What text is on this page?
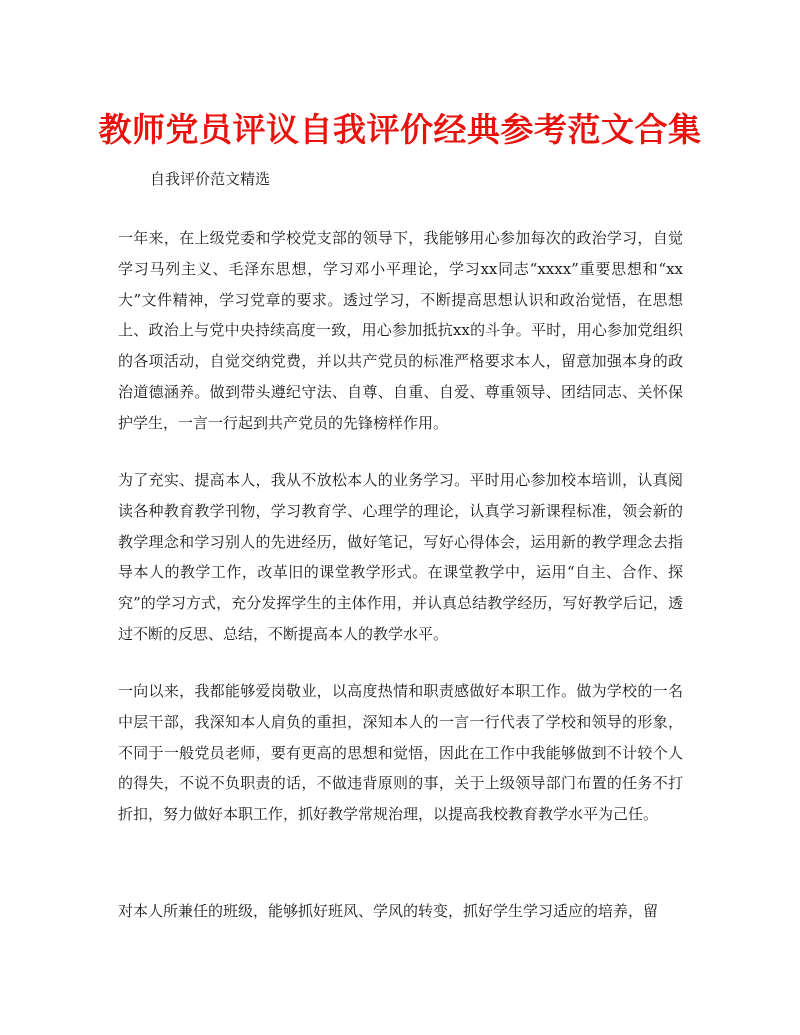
教师党员评议自我评价经典参考范文合集

自我评价范文精选

一年来，在上级党委和学校党支部的领导下，我能够用心参加每次的政治学习，自觉学习马列主义、毛泽东思想，学习邓小平理论，学习xx同志“xxxx”重要思想和“xx大”文件精神，学习党章的要求。透过学习，不断提高思想认识和政治觉悟，在思想上、政治上与党中央持续高度一致，用心参加抵抗xx的斗争。平时，用心参加党组织的各项活动，自觉交纳党费，并以共产党员的标准严格要求本人，留意加强本身的政治道德涵养。做到带头遵纪守法、自尊、自重、自爱、尊重领导、团结同志、关怀保护学生，一言一行起到共产党员的先锋榜样作用。

为了充实、提高本人，我从不放松本人的业务学习。平时用心参加校本培训，认真阅读各种教育教学刊物，学习教育学、心理学的理论，认真学习新课程标准，领会新的教学理念和学习别人的先进经历，做好笔记，写好心得体会，运用新的教学理念去指导本人的教学工作，改革旧的课堂教学形式。在课堂教学中，运用“自主、合作、探究”的学习方式，充分发挥学生的主体作用，并认真总结教学经历，写好教学后记，透过不断的反思、总结，不断提高本人的教学水平。

一向以来，我都能够爱岗敬业，以高度热情和职责感做好本职工作。做为学校的一名中层干部，我深知本人肩负的重担，深知本人的一言一行代表了学校和领导的形象，不同于一般党员老师，要有更高的思想和觉悟，因此在工作中我能够做到不计较个人的得失，不说不负职责的话，不做违背原则的事，关于上级领导部门布置的任务不打折扣，努力做好本职工作，抓好教学常规治理，以提高我校教育教学水平为己任。

对本人所兼任的班级，能够抓好班风、学风的转变，抓好学生学习适应的培养，留
